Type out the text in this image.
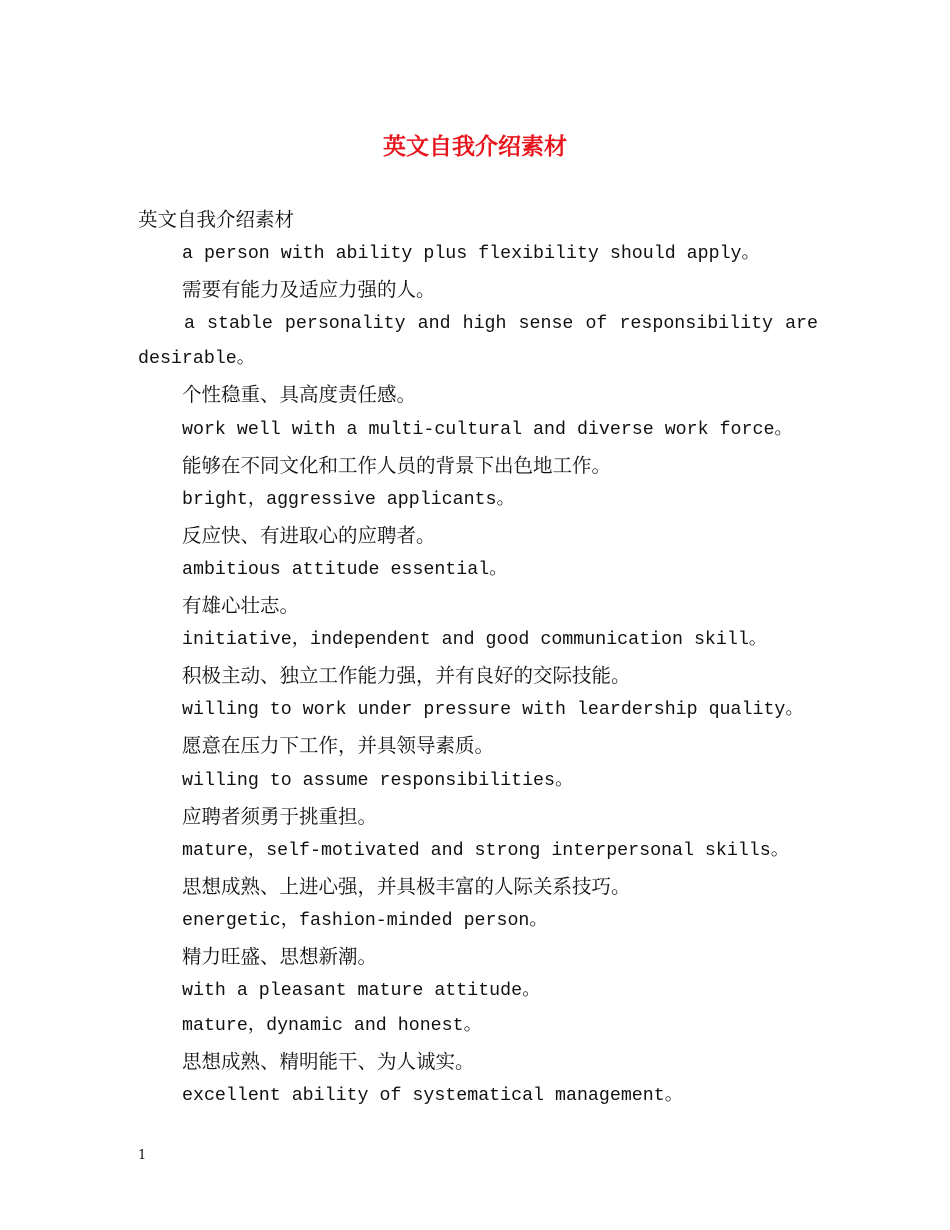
英文自我介绍素材

英文自我介绍素材

a person with ability plus flexibility should apply。

需要有能力及适应力强的人。

a stable personality and high sense of responsibility are desirable。

个性稳重、具高度责任感。

work well with a multi-cultural and diverse work force。

能够在不同文化和工作人员的背景下出色地工作。

bright，aggressive applicants。

反应快、有进取心的应聘者。

ambitious attitude essential。

有雄心壮志。

initiative，independent and good communication skill。

积极主动、独立工作能力强，并有良好的交际技能。

willing to work under pressure with leardership quality。

愿意在压力下工作，并具领导素质。

willing to assume responsibilities。

应聘者须勇于挑重担。

mature，self-motivated and strong interpersonal skills。

思想成熟、上进心强，并具极丰富的人际关系技巧。

energetic，fashion-minded person。

精力旺盛、思想新潮。

with a pleasant mature attitude。

mature，dynamic and honest。

思想成熟、精明能干、为人诚实。

excellent ability of systematical management。

1
